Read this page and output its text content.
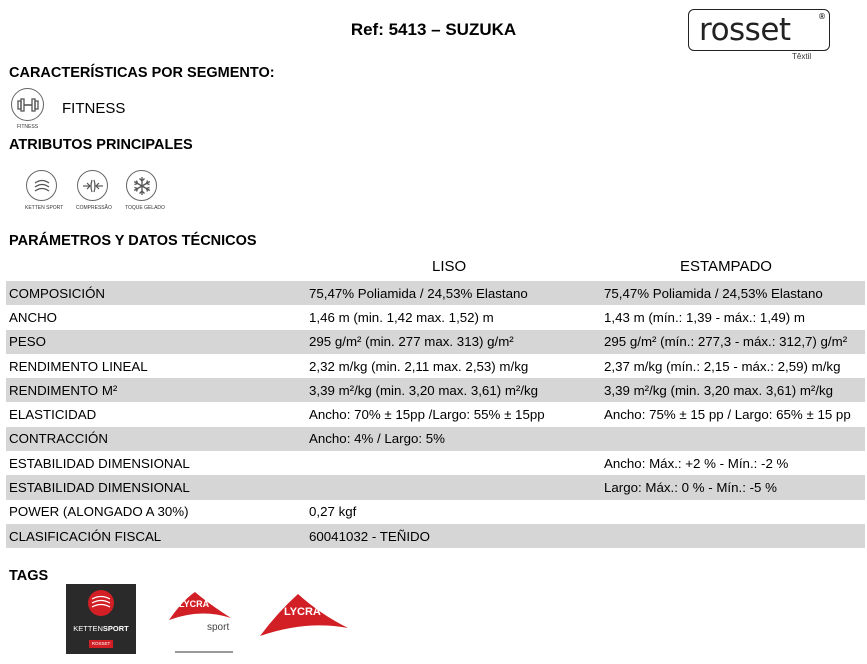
Ref: 5413 – SUZUKA	rosset	®
Têxtil
CARACTERÍSTICAS POR SEGMENTO:
FITNESS
FITNESS
ATRIBUTOS PRINCIPALES
KETTEN SPORT	COMPRESSÃO	TOQUE GELADO
PARÁMETROS Y DATOS TÉCNICOS
LISO	ESTAMPADO
COMPOSICIÓN	75,47% Poliamida / 24,53% Elastano	75,47% Poliamida / 24,53% Elastano
ANCHO	1,46 m (min. 1,42 max. 1,52) m	1,43 m (mín.: 1,39 - máx.: 1,49) m
PESO	295 g/m² (min. 277 max. 313) g/m²	295 g/m² (mín.: 277,3 - máx.: 312,7) g/m²
RENDIMENTO LINEAL	2,32 m/kg (min. 2,11 max. 2,53) m/kg	2,37 m/kg (mín.: 2,15 - máx.: 2,59) m/kg
RENDIMENTO M²	3,39 m²/kg (min. 3,20 max. 3,61) m²/kg	3,39 m²/kg (min. 3,20 max. 3,61) m²/kg
ELASTICIDAD	Ancho: 70% ± 15pp /Largo: 55% ± 15pp	Ancho: 75% ± 15 pp / Largo: 65% ± 15 pp
CONTRACCIÓN	Ancho: 4% / Largo: 5%	
ESTABILIDAD DIMENSIONAL		Ancho: Máx.: +2 % - Mín.: -2 %
ESTABILIDAD DIMENSIONAL		Largo: Máx.: 0 % - Mín.: -5 %
POWER (ALONGADO A 30%)	0,27 kgf	
CLASIFICACIÓN FISCAL	60041032 - TEÑIDO	
TAGS
KETTENSPORT
ROSSET
LYCRA
sport
LYCRA
